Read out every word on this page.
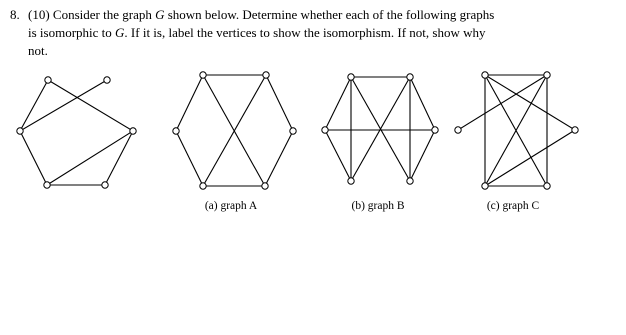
8. (10) Consider the graph G shown below. Determine whether each of the following graphs
is isomorphic to G. If it is, label the vertices to show the isomorphism. If not, show why
not.
(a) graph A	(b) graph B	(c) graph C
